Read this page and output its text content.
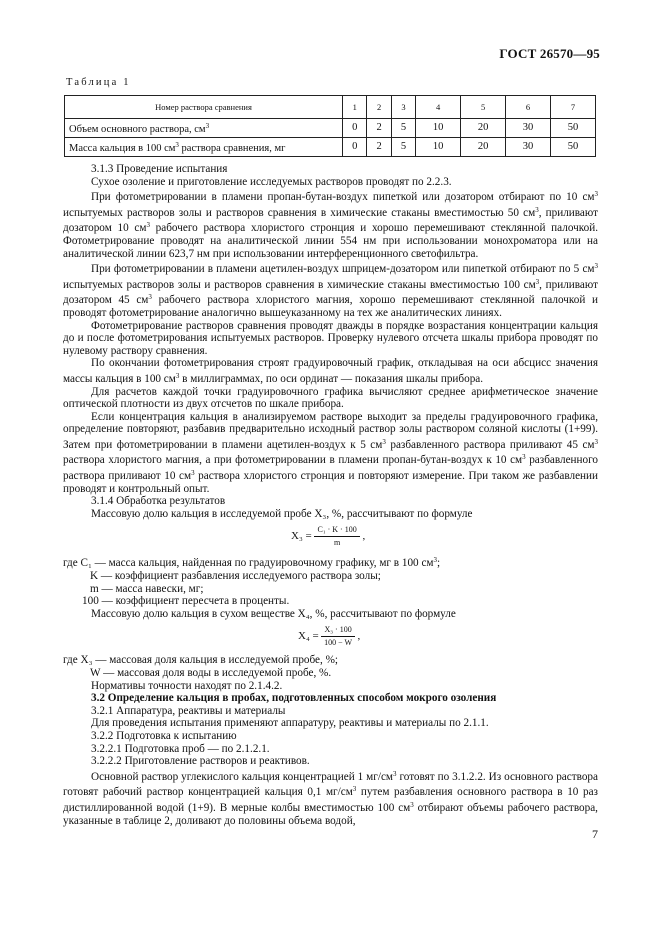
ГОСТ 26570—95
Таблица 1
Номер раствора сравнения	1	2	3	4	5	6	7
Объем основного раствора, $см^3$	0	2	5	10	20	30	50
Масса кальция в 100 $см^3$ раствора сравнения, мг	0	2	5	10	20	30	50

3.1.3 Проведение испытания

Сухое озоление и приготовление исследуемых растворов проводят по 2.2.3.

При фотометрировании в пламени пропан-бутан-воздух пипеткой или дозатором отбирают по 10 $см^3$ испытуемых растворов золы и растворов сравнения в химические стаканы вместимостью 50 $см^3$, приливают дозатором 10 $см^3$ рабочего раствора хлористого стронция и хорошо перемешивают стеклянной палочкой. Фотометрирование проводят на аналитической линии 554 нм при использовании монохроматора или на аналитической линии 623,7 нм при использовании интерференционного светофильтра.

При фотометрировании в пламени ацетилен-воздух шприцем-дозатором или пипеткой отбирают по 5 $см^3$ испытуемых растворов золы и растворов сравнения в химические стаканы вместимостью 100 $см^3$, приливают дозатором 45 $см^3$ рабочего раствора хлористого магния, хорошо перемешивают стеклянной палочкой и проводят фотометрирование аналогично вышеуказанному на тех же аналитических линиях.

Фотометрирование растворов сравнения проводят дважды в порядке возрастания концентрации кальция до и после фотометрирования испытуемых растворов. Проверку нулевого отсчета шкалы прибора проводят по нулевому раствору сравнения.

По окончании фотометрирования строят градуировочный график, откладывая на оси абсцисс значения массы кальция в 100 $см^3$ в миллиграммах, по оси ординат — показания шкалы прибора.

Для расчетов каждой точки градуировочного графика вычисляют среднее арифметическое значение оптической плотности из двух отсчетов по шкале прибора.

Если концентрация кальция в анализируемом растворе выходит за пределы градуировочного графика, определение повторяют, разбавив предварительно исходный раствор золы раствором соляной кислоты (1+99). Затем при фотометрировании в пламени ацетилен-воздух к 5 $см^3$ разбавленного раствора приливают 45 $см^3$ раствора хлористого магния, а при фотометрировании в пламени пропан-бутан-воздух к 10 $см^3$ разбавленного раствора приливают 10 $см^3$ раствора хлористого стронция и повторяют измерение. При таком же разбавлении проводят и контрольный опыт.

3.1.4 Обработка результатов

Массовую долю кальция в исследуемой пробе X₃, %, рассчитывают по формуле

$X_3 = \frac{\text{C₁ · K · 100}}{m}$ ,

где C₁ — масса кальция, найденная по градуировочному графику, мг в 100 $см^3$;

K — коэффициент разбавления исследуемого раствора золы;

m — масса навески, мг;

100 — коэффициент пересчета в проценты.

Массовую долю кальция в сухом веществе X₄, %, рассчитывают по формуле

$X_4 = \frac{\text{X₃ · 100}}{100 - W}$ ,

где X₃ — массовая доля кальция в исследуемой пробе, %;

W — массовая доля воды в исследуемой пробе, %.

Нормативы точности находят по 2.1.4.2.

3.2 Определение кальция в пробах, подготовленных способом мокрого озоления

3.2.1 Аппаратура, реактивы и материалы

Для проведения испытания применяют аппаратуру, реактивы и материалы по 2.1.1.

3.2.2 Подготовка к испытанию

3.2.2.1 Подготовка проб — по 2.1.2.1.

3.2.2.2 Приготовление растворов и реактивов.

Основной раствор углекислого кальция концентрацией 1 $мг/см^3$ готовят по 3.1.2.2. Из основного раствора готовят рабочий раствор концентрацией кальция 0,1 $мг/см^3$ путем разбавления основного раствора в 10 раз дистиллированной водой (1+9). В мерные колбы вместимостью 100 $см^3$ отбирают объемы рабочего раствора, указанные в таблице 2, доливают до половины объема водой,

7
